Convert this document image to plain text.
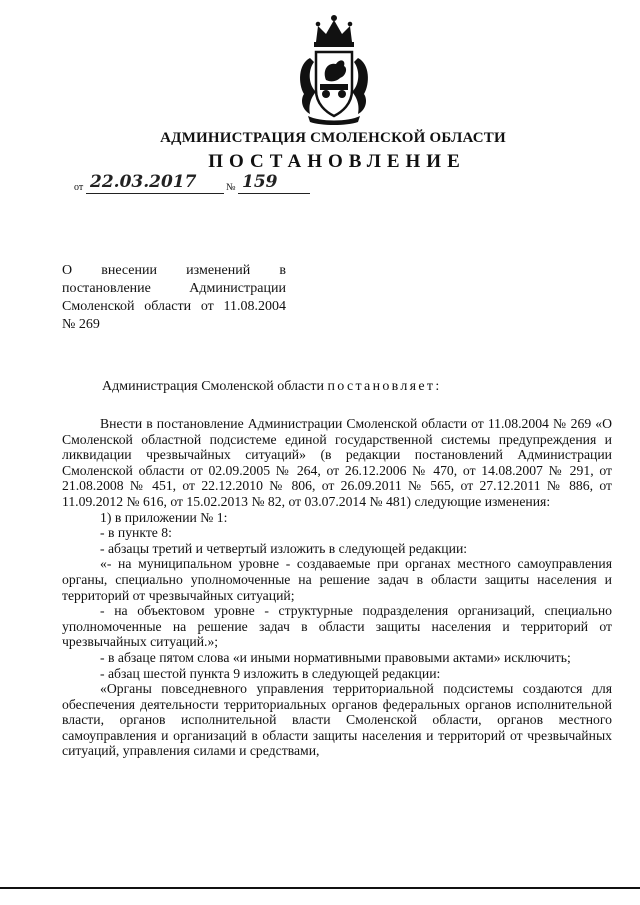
АДМИНИСТРАЦИЯ СМОЛЕНСКОЙ ОБЛАСТИ
ПОСТАНОВЛЕНИЕ
от 22.03.2017	№ 159
О внесении изменений в
постановление Администрации
Смоленской области от 11.08.2004
№ 269
Администрация Смоленской области постановляет:

Внести в постановление Администрации Смоленской области от 11.08.2004 № 269 «О Смоленской областной подсистеме единой государственной системы предупреждения и ликвидации чрезвычайных ситуаций» (в редакции постановлений Администрации Смоленской области от 02.09.2005 № 264, от 26.12.2006 № 470, от 14.08.2007 № 291, от 21.08.2008 № 451, от 22.12.2010 № 806, от 26.09.2011 № 565, от 27.12.2011 № 886, от 11.09.2012 № 616, от 15.02.2013 № 82, от 03.07.2014 № 481) следующие изменения:

1) в приложении № 1:

- в пункте 8:

- абзацы третий и четвертый изложить в следующей редакции:

«- на муниципальном уровне - создаваемые при органах местного самоуправления органы, специально уполномоченные на решение задач в области защиты населения и территорий от чрезвычайных ситуаций;

- на объектовом уровне - структурные подразделения организаций, специально уполномоченные на решение задач в области защиты населения и территорий от чрезвычайных ситуаций.»;

- в абзаце пятом слова «и иными нормативными правовыми актами» исключить;

- абзац шестой пункта 9 изложить в следующей редакции:

«Органы повседневного управления территориальной подсистемы создаются для обеспечения деятельности территориальных органов федеральных органов исполнительной власти, органов исполнительной власти Смоленской области, органов местного самоуправления и организаций в области защиты населения и территорий от чрезвычайных ситуаций, управления силами и средствами,
